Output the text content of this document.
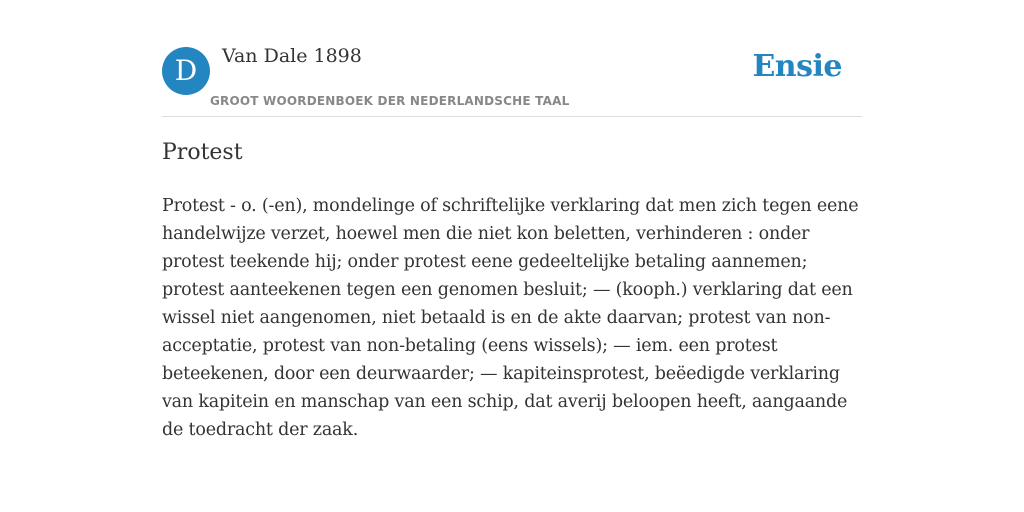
D	Van Dale 1898
GROOT WOORDENBOEK DER NEDERLANDSCHE TAAL
Ensie
Protest

Protest - o. (-en), mondelinge of schriftelijke verklaring dat men zich tegen eene handelwijze verzet, hoewel men die niet kon beletten, verhinderen : onder protest teekende hij; onder protest eene gedeeltelijke betaling aannemen; protest aanteekenen tegen een genomen besluit; — (kooph.) verklaring dat een wissel niet aangenomen, niet betaald is en de akte daarvan; protest van non-acceptatie, protest van non-betaling (eens wissels); — iem. een protest beteekenen, door een deurwaarder; — kapiteinsprotest, beëedigde verklaring van kapitein en manschap van een schip, dat averij beloopen heeft, aangaande de toedracht der zaak.
